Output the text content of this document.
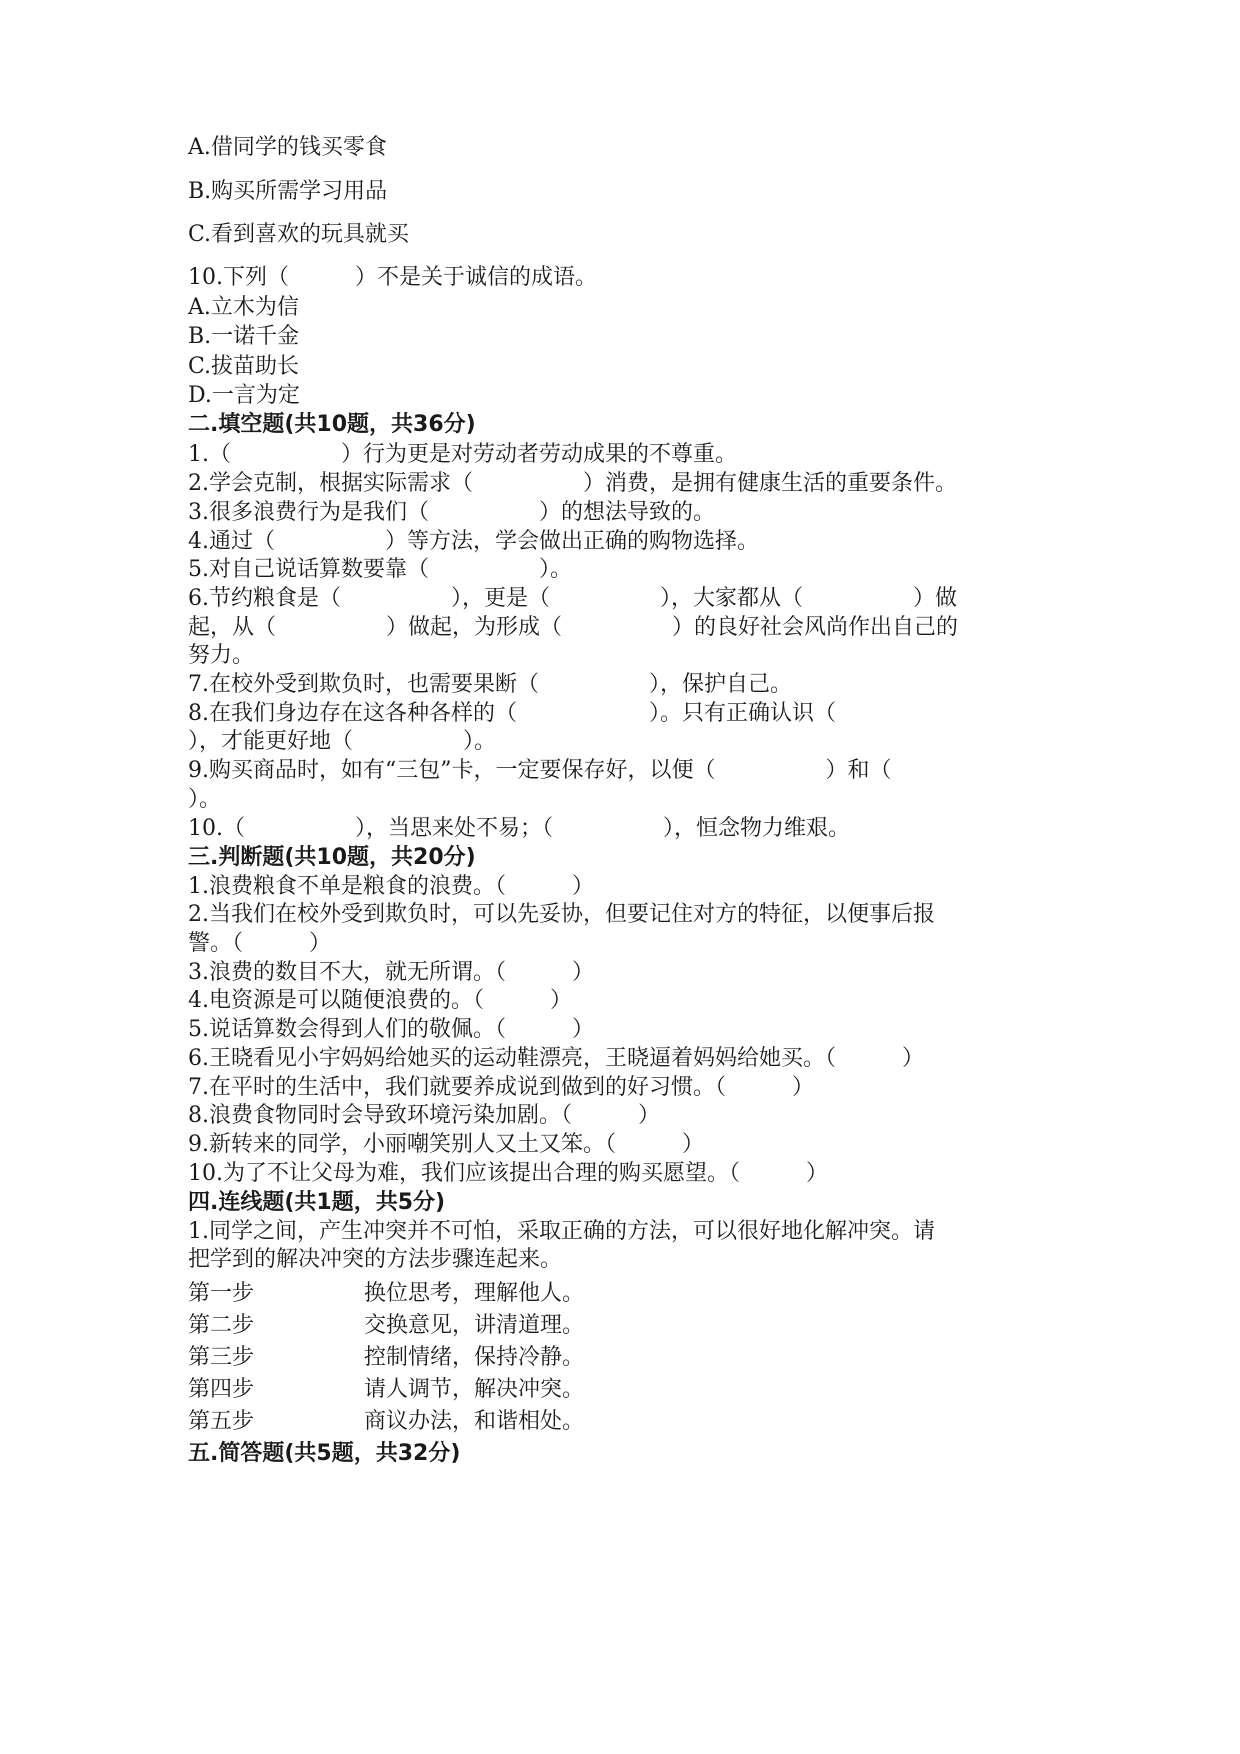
A.借同学的钱买零食
B.购买所需学习用品
C.看到喜欢的玩具就买
10.下列（　　　）不是关于诚信的成语。
A.立木为信
B.一诺千金
C.拔苗助长
D.一言为定
二.填空题(共10题，共36分)
1.（　　　　　）行为更是对劳动者劳动成果的不尊重。
2.学会克制，根据实际需求（　　　　　）消费，是拥有健康生活的重要条件。
3.很多浪费行为是我们（　　　　　）的想法导致的。
4.通过（　　　　　）等方法，学会做出正确的购物选择。
5.对自己说话算数要靠（　　　　　）。
6.节约粮食是（　　　　　），更是（　　　　　），大家都从（　　　　　）做
起，从（　　　　　）做起，为形成（　　　　　）的良好社会风尚作出自己的
努力。
7.在校外受到欺负时，也需要果断（　　　　　），保护自己。
8.在我们身边存在这各种各样的（　　　　　　）。只有正确认识（
），才能更好地（　　　　　）。
9.购买商品时，如有“三包”卡，一定要保存好，以便（　　　　　）和（
）。
10.（　　　　　），当思来处不易；（　　　　　），恒念物力维艰。
三.判断题(共10题，共20分)
1.浪费粮食不单是粮食的浪费。（　　　）
2.当我们在校外受到欺负时，可以先妥协，但要记住对方的特征，以便事后报
警。（　　　）
3.浪费的数目不大，就无所谓。（　　　）
4.电资源是可以随便浪费的。（　　　）
5.说话算数会得到人们的敬佩。（　　　）
6.王晓看见小宇妈妈给她买的运动鞋漂亮，王晓逼着妈妈给她买。（　　　）
7.在平时的生活中，我们就要养成说到做到的好习惯。（　　　）
8.浪费食物同时会导致环境污染加剧。（　　　）
9.新转来的同学，小丽嘲笑别人又土又笨。（　　　）
10.为了不让父母为难，我们应该提出合理的购买愿望。（　　　）
四.连线题(共1题，共5分)
1.同学之间，产生冲突并不可怕，采取正确的方法，可以很好地化解冲突。请
把学到的解决冲突的方法步骤连起来。
第一步	换位思考，理解他人。
第二步	交换意见，讲清道理。
第三步	控制情绪，保持冷静。
第四步	请人调节，解决冲突。
第五步	商议办法，和谐相处。
五.简答题(共5题，共32分)
